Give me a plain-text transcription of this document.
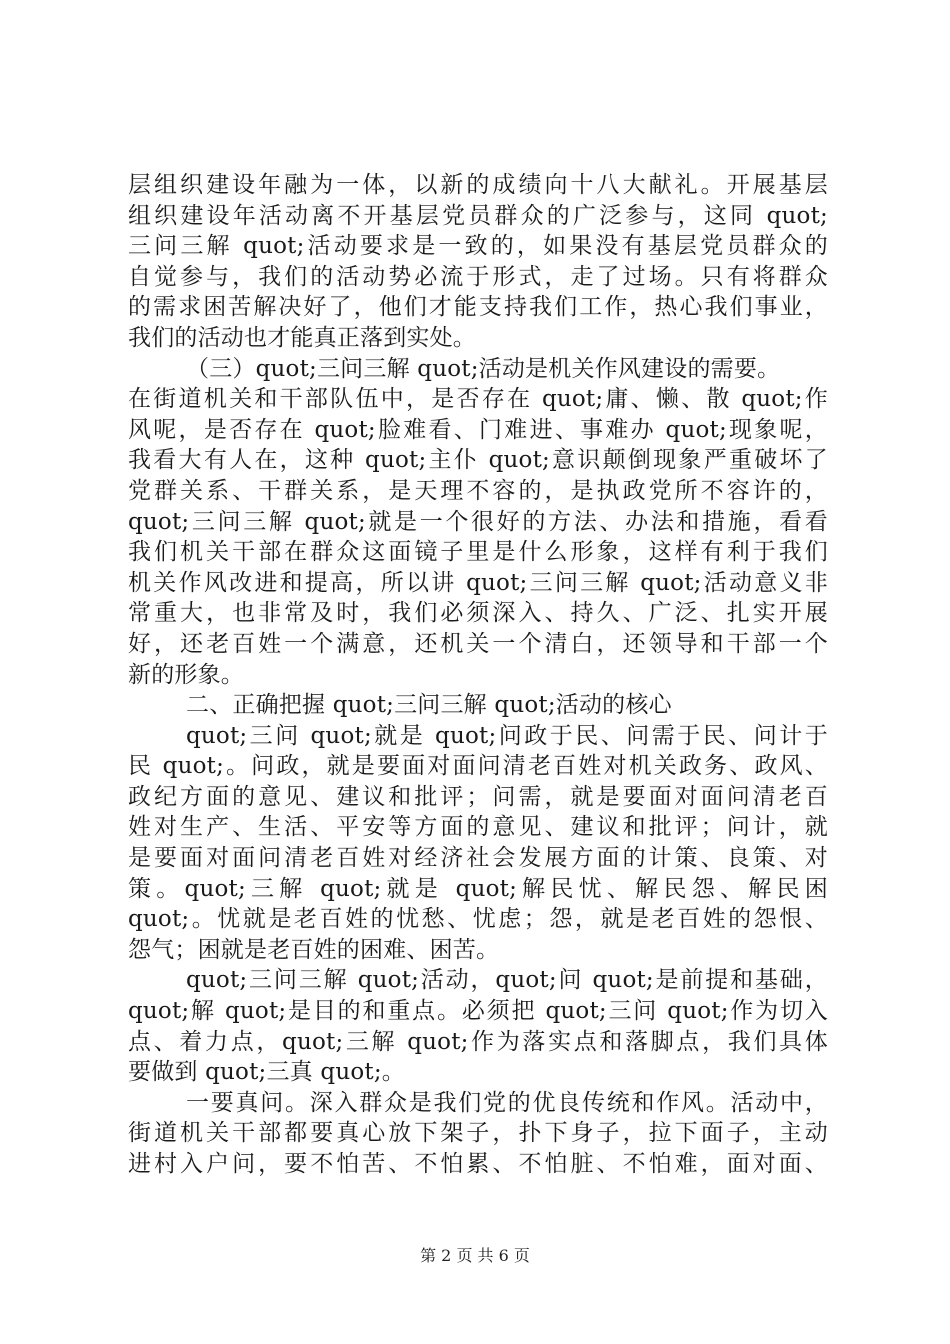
层组织建设年融为一体，以新的成绩向十八大献礼。开展基层
组织建设年活动离不开基层党员群众的广泛参与，这同 quot;
三问三解 quot;活动要求是一致的，如果没有基层党员群众的
自觉参与，我们的活动势必流于形式，走了过场。只有将群众
的需求困苦解决好了，他们才能支持我们工作，热心我们事业，
我们的活动也才能真正落到实处。
（三）quot;三问三解 quot;活动是机关作风建设的需要。
在街道机关和干部队伍中，是否存在 quot;庸、懒、散 quot;作
风呢，是否存在 quot;脸难看、门难进、事难办 quot;现象呢，
我看大有人在，这种 quot;主仆 quot;意识颠倒现象严重破坏了
党群关系、干群关系，是天理不容的，是执政党所不容许的，
quot;三问三解 quot;就是一个很好的方法、办法和措施，看看
我们机关干部在群众这面镜子里是什么形象，这样有利于我们
机关作风改进和提高，所以讲 quot;三问三解 quot;活动意义非
常重大，也非常及时，我们必须深入、持久、广泛、扎实开展
好，还老百姓一个满意，还机关一个清白，还领导和干部一个
新的形象。
二、正确把握 quot;三问三解 quot;活动的核心
quot;三问 quot;就是 quot;问政于民、问需于民、问计于
民 quot;。问政，就是要面对面问清老百姓对机关政务、政风、
政纪方面的意见、建议和批评；问需，就是要面对面问清老百
姓对生产、生活、平安等方面的意见、建议和批评；问计，就
是要面对面问清老百姓对经济社会发展方面的计策、良策、对
策。quot;三解 quot;就是 quot;解民忧、解民怨、解民困
quot;。忧就是老百姓的忧愁、忧虑；怨，就是老百姓的怨恨、
怨气；困就是老百姓的困难、困苦。
quot;三问三解 quot;活动，quot;问 quot;是前提和基础，
quot;解 quot;是目的和重点。必须把 quot;三问 quot;作为切入
点、着力点，quot;三解 quot;作为落实点和落脚点，我们具体
要做到 quot;三真 quot;。
一要真问。深入群众是我们党的优良传统和作风。活动中，
街道机关干部都要真心放下架子，扑下身子，拉下面子，主动
进村入户问，要不怕苦、不怕累、不怕脏、不怕难，面对面、
第 2 页 共 6 页
